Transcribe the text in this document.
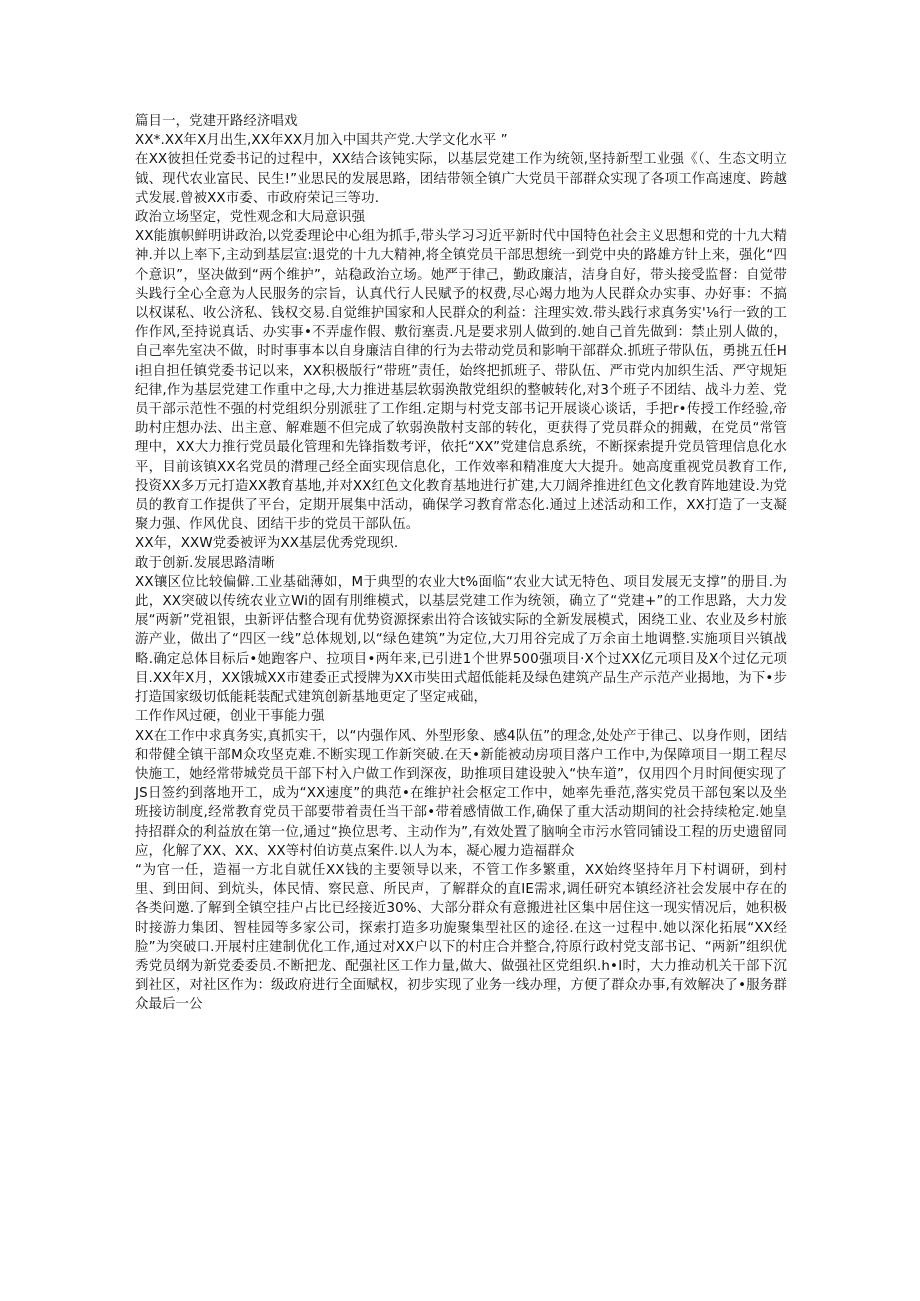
篇目一，党建开路经济唱戏

XX*.XX年X月出生,XX年XX月加入中国共产党.大学文化水平 ”

在XX彼担任党委书记的过程中，XX结合该钝实际，以基层党建工作为统领,坚持新型工业强《（、生态文明立钺、现代农业富民、民生!”业思民的发展思路，团结带领全镇广大党员干部群众实现了各项工作高速度、跨越式发展.曾被XX市委、市政府荣记三等功.

政治立场坚定，党性观念和大局意识强

XX能旗帜鲜明讲政治,以党委理论中心组为抓手,带头学习习近平新时代中国特色社会主义思想和党的十九大精神.并以上率下,主动到基层宣:退党的十九大精神,将全镇党员干部思想统一到党中央的路雄方针上来，强化“四个意识”，坚决做到“两个维护”，站稳政治立场。她严于律己，勤政廉洁，洁身自好，带头接受监督：自觉带头践行全心全意为人民服务的宗旨，认真代行人民赋予的权费,尽心竭力地为人民群众办实事、办好事：不搞以权谋私、收公济私、钱权交易.自觉维护国家和人民群众的利益：注理实效.带头践行求真务实'⅛行一致的工作作风,至持说真话、办实事•不弄虚作假、敷衍塞责.凡是要求别人做到的.她自己首先做到：禁止别人做的，自己率先室决不做，时时事事本以自身廉洁自律的行为去带动党员和影响干部群众.抓班子带队伍，勇挑五任Hi担自担任镇党委书记以来，XX积极版行“带班”责任，始终把抓班子、带队伍、严市党内加织生活、严守规矩纪律,作为基层党建工作重中之母,大力推进基层软弱涣散党组织的整帔转化,对3个班子不团结、战斗力差、党员干部示范性不强的村党组织分别派驻了工作组.定期与村党支部书记开展谈心谈话，手把r•传授工作经验,帝助村庄想办法、出主意、解难题不但完成了软弱涣散村支部的转化，更获得了党员群众的拥戴，在党员“常管理中，XX大力推行党员最化管理和先锋指数考评，依托“XX”党建信息系统，不断探索提升党员管理信息化水平，目前该镇XX名党员的潸理己经全面实现信息化，工作效率和精准度大大提升。她高度重视党员教育工作,投资XX多万元打造XX教育基地,并对XX红色文化教育基地进行扩建,大刀阔斧推进红色文化教育阵地建设.为党员的教育工作提供了平台，定期开展集中活动，确保学习教育常态化.通过上述活动和工作，XX打造了一支凝聚力强、作风优良、团结干步的党员干部队伍。

XX年，XXW党委被评为XX基层优秀党现织.

敢于创新.发展思路清晰

XX镶区位比较偏僻.工业基础薄如，M于典型的农业大t%面临“农业大试无特色、项目发展无支撑”的册目.为此，XX突破以传统农业立Wi的固有刖维模式，以基层党建工作为统领，确立了“党建+”的工作思路，大力发展“两新”党祖银，虫新评估整合现有优势资源探索出符合该钺实际的全新发展模式，困绕工业、农业及乡村旅游产业，做出了“四区一线”总体规划,以“绿色建筑”为定位,大刀用谷完成了万余亩土地调整.实施项目兴镇战略.确定总体目标后•她跑客户、拉项目•两年来,已引进1个世界500强项目·X个过XX亿元项目及X个过亿元项目.XX年X月，XX饿城XX市建委正式授牌为XX市奘田式超低能耗及绿色建筑产品生产示范产业揭地，为下•步打造国家级切低能耗装配式建筑创新基地更定了坚定戒础，

工作作风过硬，创业干事能力强

XX在工作中求真务实,真抓实干，以“内强作风、外型形象、感4队伍”的理念,处处产于律己、以身作则，团结和带健全镇干部M众攻坚克难.不断实现工作新突破.在天•新能被动房项目落户工作中,为保障项目一期工程尽快施工，她经常带城党员干部下村入户做工作到深夜，助推项目建设驶入“快车道”，仅用四个月时间便实现了JS日签约到落地开工，成为“XX速度”的典范•在维护社会枢定工作中，她率先垂范,落实党员干部包案以及坐班接访制度,经常教育党员干部要带着责任当干部•带着感情做工作,确保了重大活动期间的社会持续枪定.她皇持招群众的利益放在第一位,通过“换位思考、主动作为”,有效处置了脑响全市污水管同铺设工程的历史遗留同应，化解了XX、XX、XX等村伯访莫点案件.以人为本，凝心履力造福群众

“为官一任，造福一方北自就任XX钱的主要领导以来，不管工作多繁重，XX始终坚持年月下村调研，到村里、到田间、到炕头，体民情、察民意、所民声，了解群众的直IE需求,调任研究本镇经济社会发展中存在的各类问邀.了解到全镇空挂户占比已经接近30%、大部分群众有意搬进社区集中居住这一现实情况后，她积极时接游力集团、智桂园等多家公司，探索打造多功旎聚集型社区的途径.在这一过程中.她以深化拓展“XX经脸”为突破口.开展村庄建制优化工作,通过对XX户以下的村庄合并整合,符原行政村党支部书记、“两新”组织优秀党员纲为新党委委员.不断把龙、配强社区工作力量,做大、做强社区党组织.h•Ⅰ时，大力推动机关干部下沉到社区，对社区作为：级政府进行全面赋权，初步实现了业务一线办理，方便了群众办事,有效解决了•服务群众最后一公
